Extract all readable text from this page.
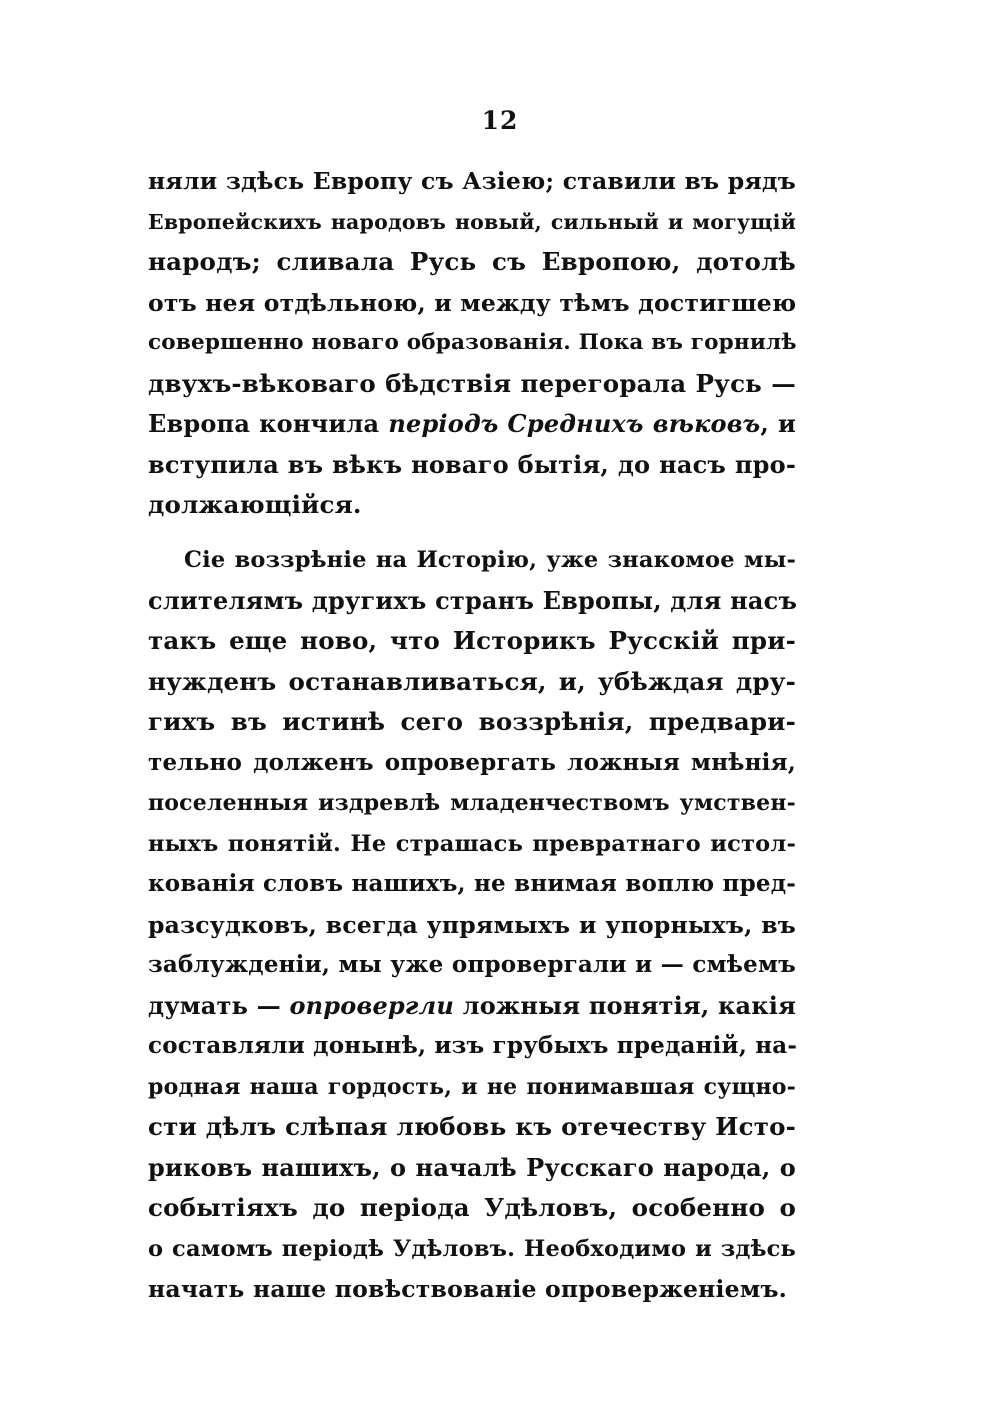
12
няли здѣсь Европу съ Азіею; ставили въ рядъ
Европейскихъ народовъ новый, сильный и могущій
народъ; сливала Русь съ Европою, дотолѣ
отъ нея отдѣльною, и между тѣмъ достигшею
совершенно новаго образованія. Пока въ горнилѣ
двухъ-вѣковаго бѣдствія перегорала Русь —
Европа кончила періодъ Среднихъ вѣковъ, и
вступила въ вѣкъ новаго бытія, до насъ про-
должающійся.
Сіе воззрѣніе на Исторію, уже знакомое мы-
слителямъ другихъ странъ Европы, для насъ
такъ еще ново, что Историкъ Русскій при-
нужденъ останавливаться, и, убѣждая дру-
гихъ въ истинѣ сего воззрѣнія, предвари-
тельно долженъ опровергать ложныя мнѣнія,
поселенныя издревлѣ младенчествомъ умствен-
ныхъ понятій. Не страшась превратнаго истол-
кованія словъ нашихъ, не внимая воплю пред-
разсудковъ, всегда упрямыхъ и упорныхъ, въ
заблужденіи, мы уже опровергали и — смѣемъ
думать — опровергли ложныя понятія, какія
составляли донынѣ, изъ грубыхъ преданій, на-
родная наша гордость, и не понимавшая сущно-
сти дѣлъ слѣпая любовь къ отечеству Исто-
риковъ нашихъ, о началѣ Русскаго народа, о
событіяхъ до періода Удѣловъ, особенно о
о самомъ періодѣ Удѣловъ. Необходимо и здѣсь
начать наше повѣствованіе опроверженіемъ.
